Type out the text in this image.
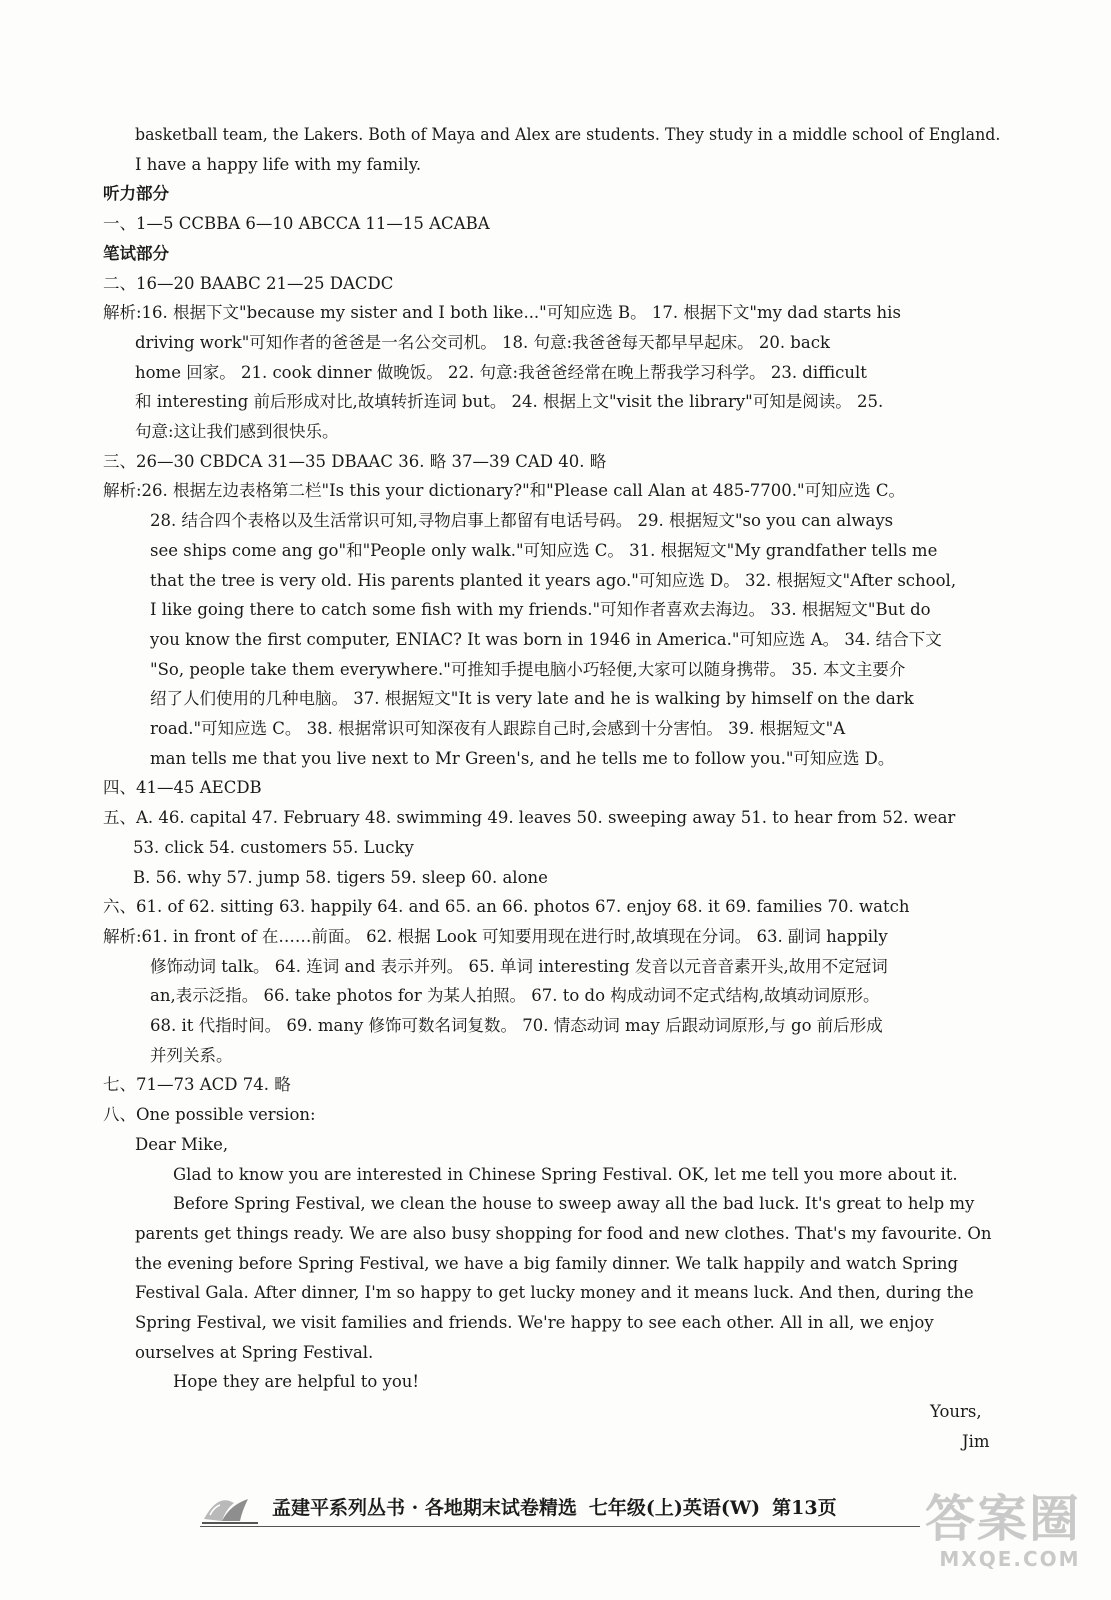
basketball team, the Lakers. Both of Maya and Alex are students. They study in a middle school of England.
I have a happy life with my family.
听力部分
一、1—5 CCBBA 6—10 ABCCA 11—15 ACABA
笔试部分
二、16—20 BAABC 21—25 DACDC
解析:16. 根据下文"because my sister and I both like..."可知应选 B。 17. 根据下文"my dad starts his
driving work"可知作者的爸爸是一名公交司机。 18. 句意:我爸爸每天都早早起床。 20. back
home 回家。 21. cook dinner 做晚饭。 22. 句意:我爸爸经常在晚上帮我学习科学。 23. difficult
和 interesting 前后形成对比,故填转折连词 but。 24. 根据上文"visit the library"可知是阅读。 25.
句意:这让我们感到很快乐。
三、26—30 CBDCA 31—35 DBAAC 36. 略 37—39 CAD 40. 略
解析:26. 根据左边表格第二栏"Is this your dictionary?"和"Please call Alan at 485-7700."可知应选 C。
28. 结合四个表格以及生活常识可知,寻物启事上都留有电话号码。 29. 根据短文"so you can always
see ships come ang go"和"People only walk."可知应选 C。 31. 根据短文"My grandfather tells me
that the tree is very old. His parents planted it years ago."可知应选 D。 32. 根据短文"After school,
I like going there to catch some fish with my friends."可知作者喜欢去海边。 33. 根据短文"But do
you know the first computer, ENIAC? It was born in 1946 in America."可知应选 A。 34. 结合下文
"So, people take them everywhere."可推知手提电脑小巧轻便,大家可以随身携带。 35. 本文主要介
绍了人们使用的几种电脑。 37. 根据短文"It is very late and he is walking by himself on the dark
road."可知应选 C。 38. 根据常识可知深夜有人跟踪自己时,会感到十分害怕。 39. 根据短文"A
man tells me that you live next to Mr Green's, and he tells me to follow you."可知应选 D。
四、41—45 AECDB
五、A. 46. capital 47. February 48. swimming 49. leaves 50. sweeping away 51. to hear from 52. wear
53. click 54. customers 55. Lucky
B. 56. why 57. jump 58. tigers 59. sleep 60. alone
六、61. of 62. sitting 63. happily 64. and 65. an 66. photos 67. enjoy 68. it 69. families 70. watch
解析:61. in front of 在……前面。 62. 根据 Look 可知要用现在进行时,故填现在分词。 63. 副词 happily
修饰动词 talk。 64. 连词 and 表示并列。 65. 单词 interesting 发音以元音音素开头,故用不定冠词
an,表示泛指。 66. take photos for 为某人拍照。 67. to do 构成动词不定式结构,故填动词原形。
68. it 代指时间。 69. many 修饰可数名词复数。 70. 情态动词 may 后跟动词原形,与 go 前后形成
并列关系。
七、71—73 ACD 74. 略
八、One possible version:
Dear Mike,
Glad to know you are interested in Chinese Spring Festival. OK, let me tell you more about it.
Before Spring Festival, we clean the house to sweep away all the bad luck. It's great to help my
parents get things ready. We are also busy shopping for food and new clothes. That's my favourite. On
the evening before Spring Festival, we have a big family dinner. We talk happily and watch Spring
Festival Gala. After dinner, I'm so happy to get lucky money and it means luck. And then, during the
Spring Festival, we visit families and friends. We're happy to see each other. All in all, we enjoy
ourselves at Spring Festival.
Hope they are helpful to you!
Yours,
Jim
孟建平系列丛书 · 各地期末试卷精选 七年级(上)英语(W) 第13页 答案圈
MXQE.COM
